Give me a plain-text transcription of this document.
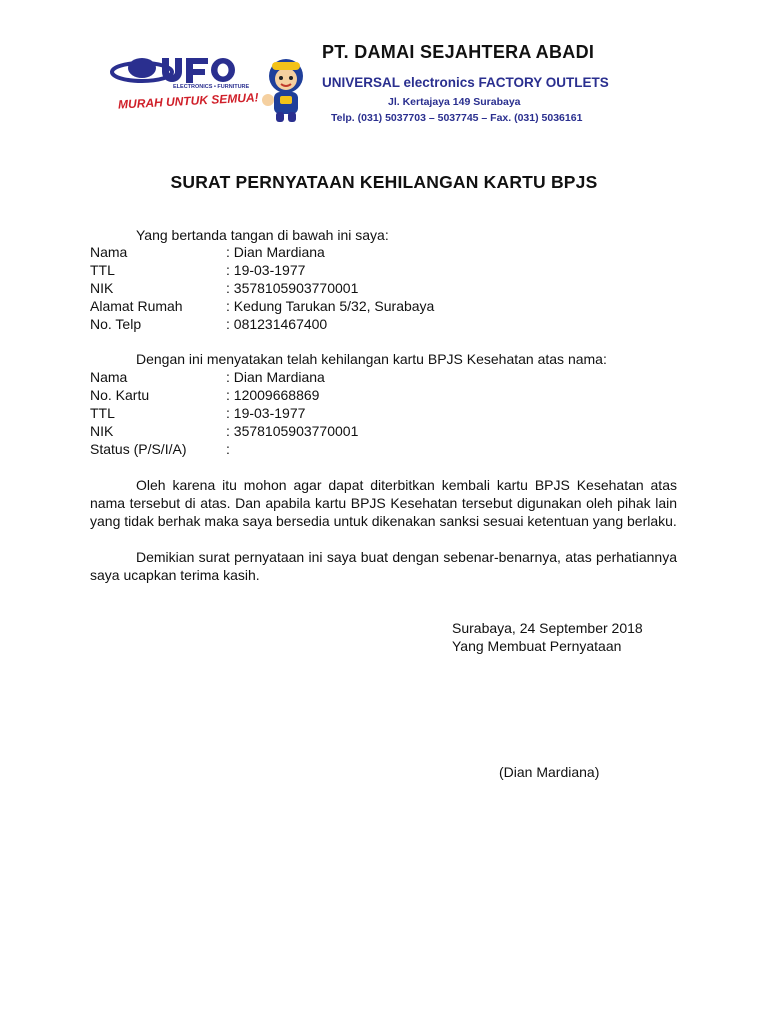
ELECTRONICS • FURNITURE
MURAH UNTUK SEMUA!
PT. DAMAI SEJAHTERA ABADI
UNIVERSAL electronics FACTORY OUTLETS
Jl. Kertajaya 149 Surabaya
Telp. (031) 5037703 – 5037745 – Fax. (031) 5036161
SURAT PERNYATAAN KEHILANGAN KARTU BPJS
Yang bertanda tangan di bawah ini saya:
Nama	: Dian Mardiana
TTL	: 19-03-1977
NIK	: 3578105903770001
Alamat Rumah	: Kedung Tarukan 5/32, Surabaya
No. Telp	: 081231467400
Dengan ini menyatakan telah kehilangan kartu BPJS Kesehatan atas nama:
Nama	: Dian Mardiana
No. Kartu	: 12009668869
TTL	: 19-03-1977
NIK	: 3578105903770001
Status (P/S/I/A)	:
Oleh karena itu mohon agar dapat diterbitkan kembali kartu BPJS Kesehatan atas nama tersebut di atas. Dan apabila kartu BPJS Kesehatan tersebut digunakan oleh pihak lain yang tidak berhak maka saya bersedia untuk dikenakan sanksi sesuai ketentuan yang berlaku.
Demikian surat pernyataan ini saya buat dengan sebenar-benarnya, atas perhatiannya saya ucapkan terima kasih.
Surabaya, 24 September 2018
Yang Membuat Pernyataan
(Dian Mardiana)
